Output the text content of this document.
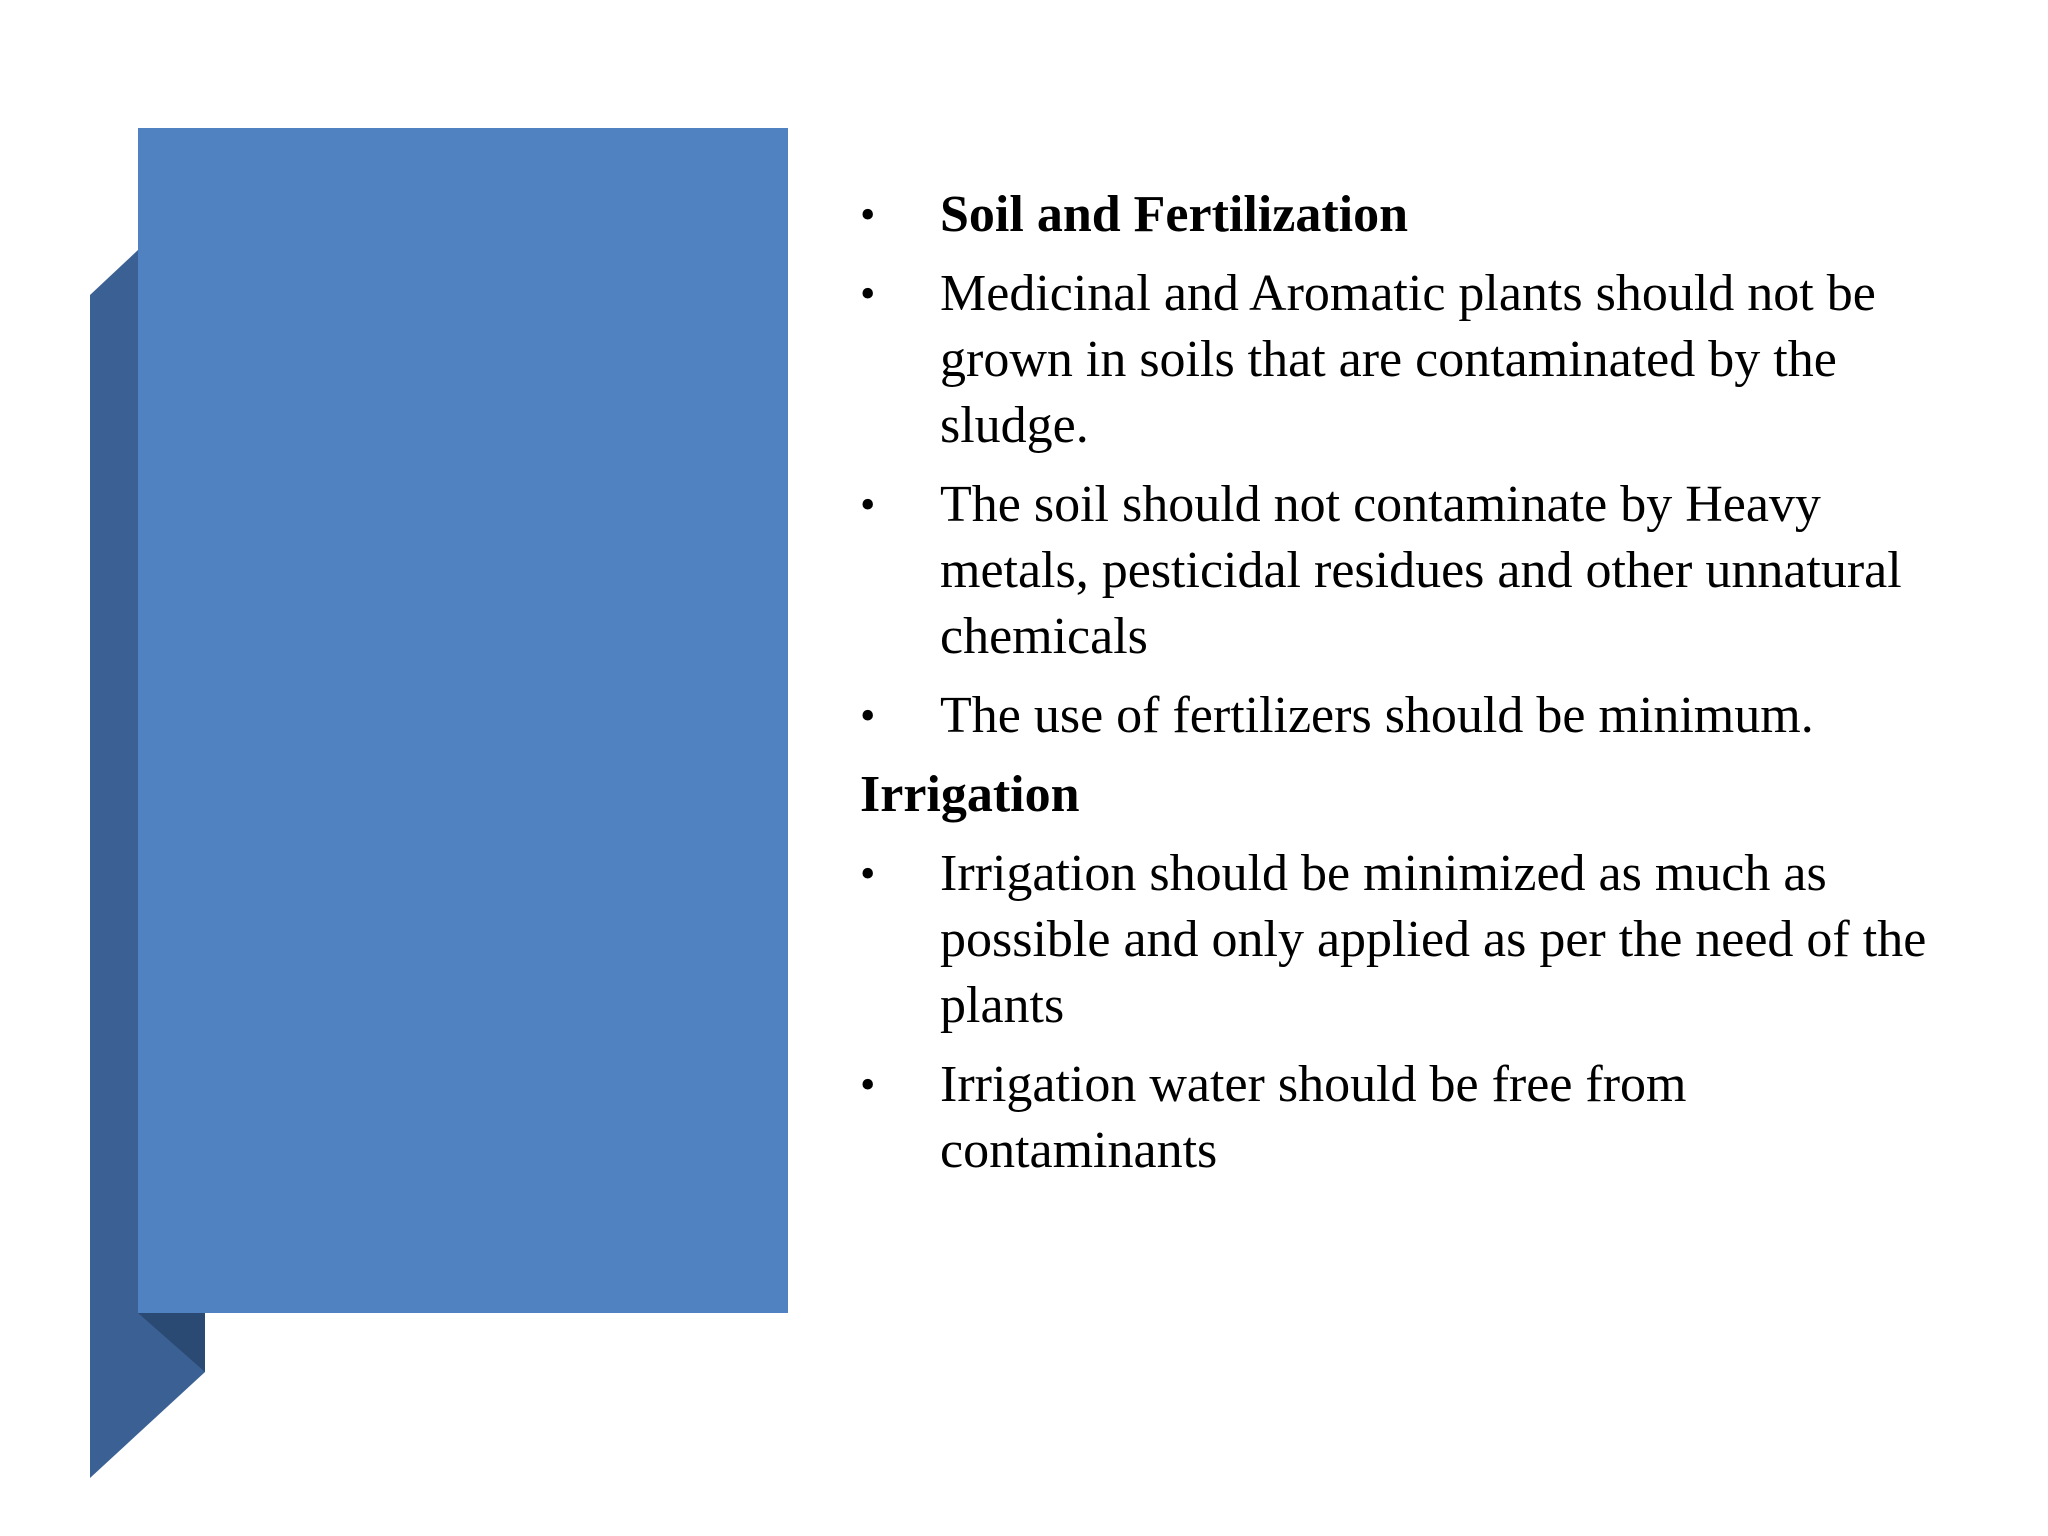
• Soil and Fertilization
• Medicinal and Aromatic plants should not be grown in soils that are contaminated by the sludge.
• The soil should not contaminate by Heavy metals, pesticidal residues and other unnatural chemicals
• The use of fertilizers should be minimum.
Irrigation
• Irrigation should be minimized as much as possible and only applied as per the need of the plants
• Irrigation water should be free from contaminants
